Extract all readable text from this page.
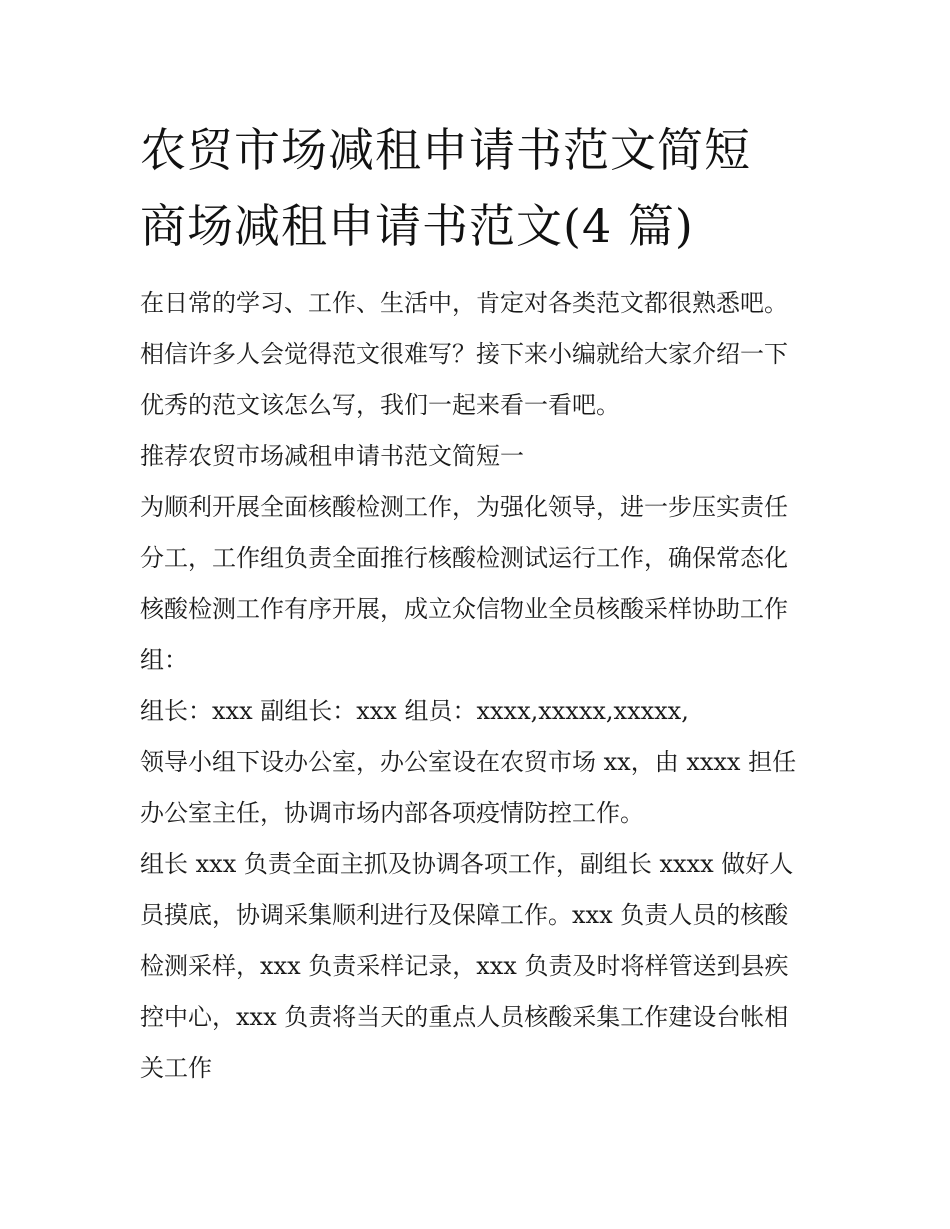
农贸市场减租申请书范文简短
商场减租申请书范文(4 篇)

在日常的学习、工作、生活中，肯定对各类范文都很熟悉吧。

相信许多人会觉得范文很难写？接下来小编就给大家介绍一下

优秀的范文该怎么写，我们一起来看一看吧。

推荐农贸市场减租申请书范文简短一

为顺利开展全面核酸检测工作，为强化领导，进一步压实责任

分工，工作组负责全面推行核酸检测试运行工作，确保常态化

核酸检测工作有序开展，成立众信物业全员核酸采样协助工作

组：

组长：xxx 副组长：xxx 组员：xxxx,xxxxx,xxxxx,

领导小组下设办公室，办公室设在农贸市场 xx，由 xxxx 担任

办公室主任，协调市场内部各项疫情防控工作。

组长 xxx 负责全面主抓及协调各项工作，副组长 xxxx 做好人

员摸底，协调采集顺利进行及保障工作。xxx 负责人员的核酸

检测采样，xxx 负责采样记录，xxx 负责及时将样管送到县疾

控中心，xxx 负责将当天的重点人员核酸采集工作建设台帐相

关工作
